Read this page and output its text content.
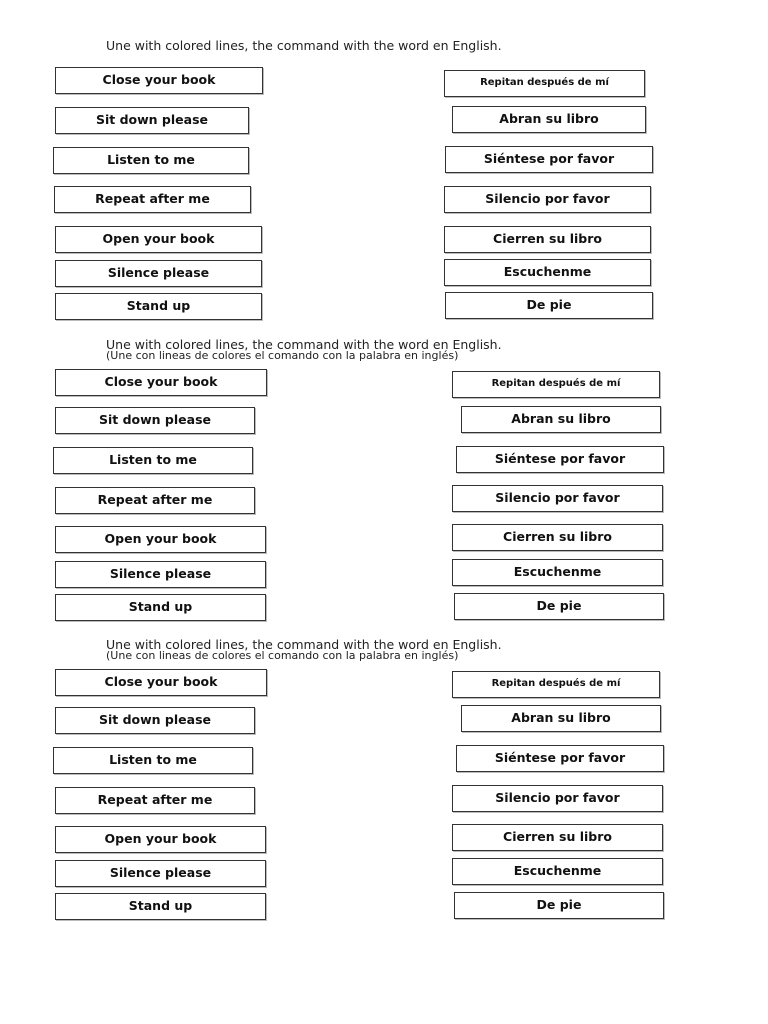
Une with colored lines, the command with the word en English.
Close your book
Sit down please
Listen to me
Repeat after me
Open your book
Silence please
Stand up
Repitan después de mí
Abran su libro
Siéntese por favor
Silencio por favor
Cierren su libro
Escuchenme
De pie
Une with colored lines, the command with the word en English.
(Une con lineas de colores el comando con la palabra en inglés)
Close your book
Sit down please
Listen to me
Repeat after me
Open your book
Silence please
Stand up
Repitan después de mí
Abran su libro
Siéntese por favor
Silencio por favor
Cierren su libro
Escuchenme
De pie
Une with colored lines, the command with the word en English.
(Une con lineas de colores el comando con la palabra en inglés)
Close your book
Sit down please
Listen to me
Repeat after me
Open your book
Silence please
Stand up
Repitan después de mí
Abran su libro
Siéntese por favor
Silencio por favor
Cierren su libro
Escuchenme
De pie
